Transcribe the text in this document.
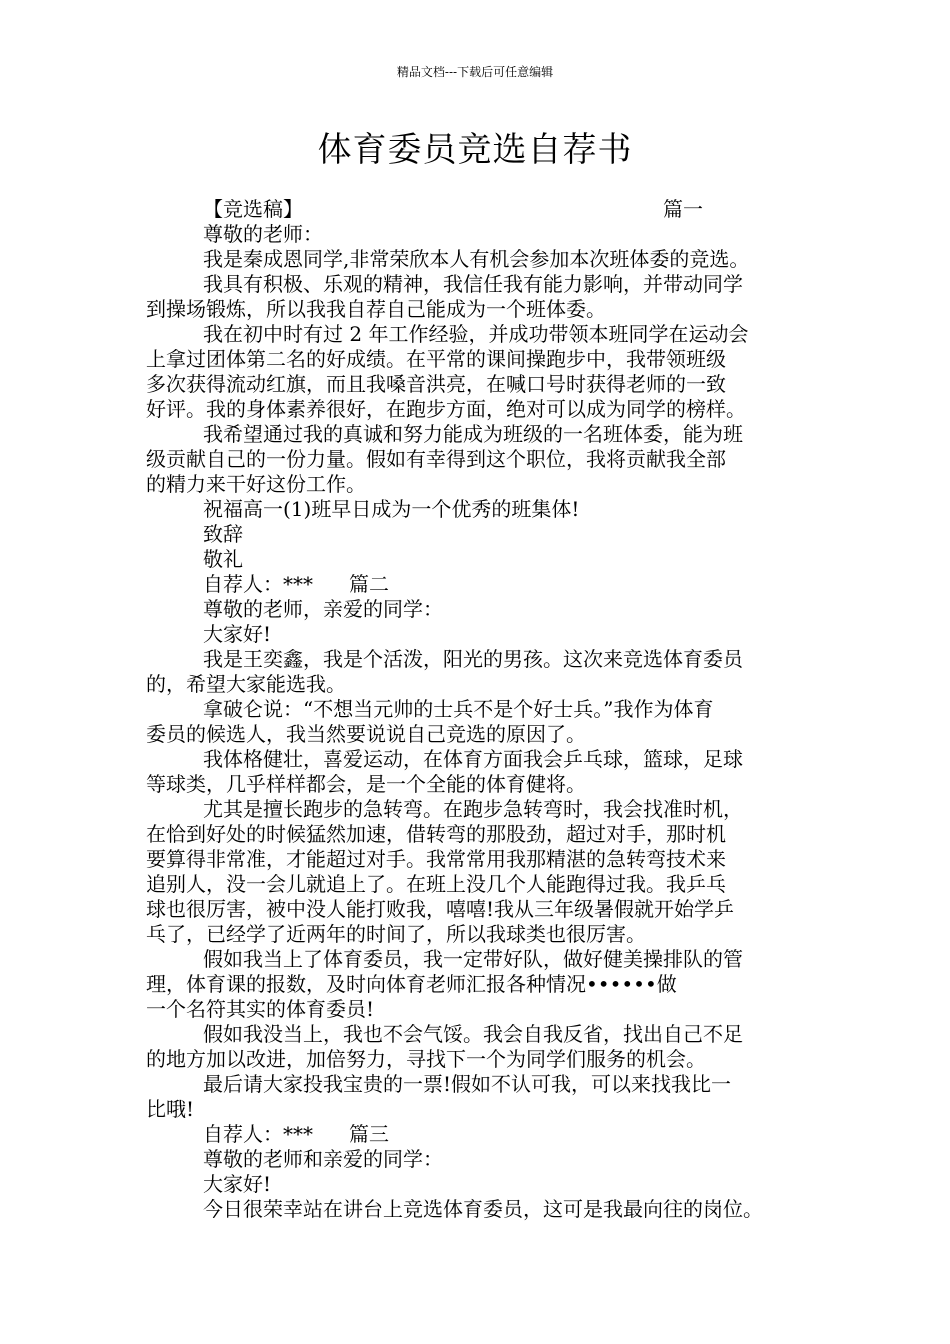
精品文档---下载后可任意编辑
体育委员竞选自荐书
【竞选稿】	篇一
尊敬的老师：
我是秦成恩同学,非常荣欣本人有机会参加本次班体委的竞选。
我具有积极、乐观的精神，我信任我有能力影响，并带动同学
到操场锻炼，所以我我自荐自己能成为一个班体委。
我在初中时有过 2 年工作经验，并成功带领本班同学在运动会
上拿过团体第二名的好成绩。在平常的课间操跑步中，我带领班级
多次获得流动红旗，而且我嗓音洪亮，在喊口号时获得老师的一致
好评。我的身体素养很好，在跑步方面，绝对可以成为同学的榜样。
我希望通过我的真诚和努力能成为班级的一名班体委，能为班
级贡献自己的一份力量。假如有幸得到这个职位，我将贡献我全部
的精力来干好这份工作。
祝福高一(1)班早日成为一个优秀的班集体!
致辞
敬礼
自荐人：*** 篇二
尊敬的老师，亲爱的同学：
大家好!
我是王奕鑫，我是个活泼，阳光的男孩。这次来竞选体育委员
的，希望大家能选我。
拿破仑说：“不想当元帅的士兵不是个好士兵。”我作为体育
委员的候选人，我当然要说说自己竞选的原因了。
我体格健壮，喜爱运动，在体育方面我会乒乓球，篮球，足球
等球类，几乎样样都会，是一个全能的体育健将。
尤其是擅长跑步的急转弯。在跑步急转弯时，我会找准时机，
在恰到好处的时候猛然加速，借转弯的那股劲，超过对手，那时机
要算得非常准，才能超过对手。我常常用我那精湛的急转弯技术来
追别人，没一会儿就追上了。在班上没几个人能跑得过我。我乒乓
球也很厉害，被中没人能打败我，嘻嘻!我从三年级暑假就开始学乒
乓了，已经学了近两年的时间了，所以我球类也很厉害。
假如我当上了体育委员，我一定带好队，做好健美操排队的管
理，体育课的报数，及时向体育老师汇报各种情况••••••做
一个名符其实的体育委员!
假如我没当上，我也不会气馁。我会自我反省，找出自己不足
的地方加以改进，加倍努力，寻找下一个为同学们服务的机会。
最后请大家投我宝贵的一票!假如不认可我，可以来找我比一
比哦!
自荐人：*** 篇三
尊敬的老师和亲爱的同学：
大家好!
今日很荣幸站在讲台上竞选体育委员，这可是我最向往的岗位。
